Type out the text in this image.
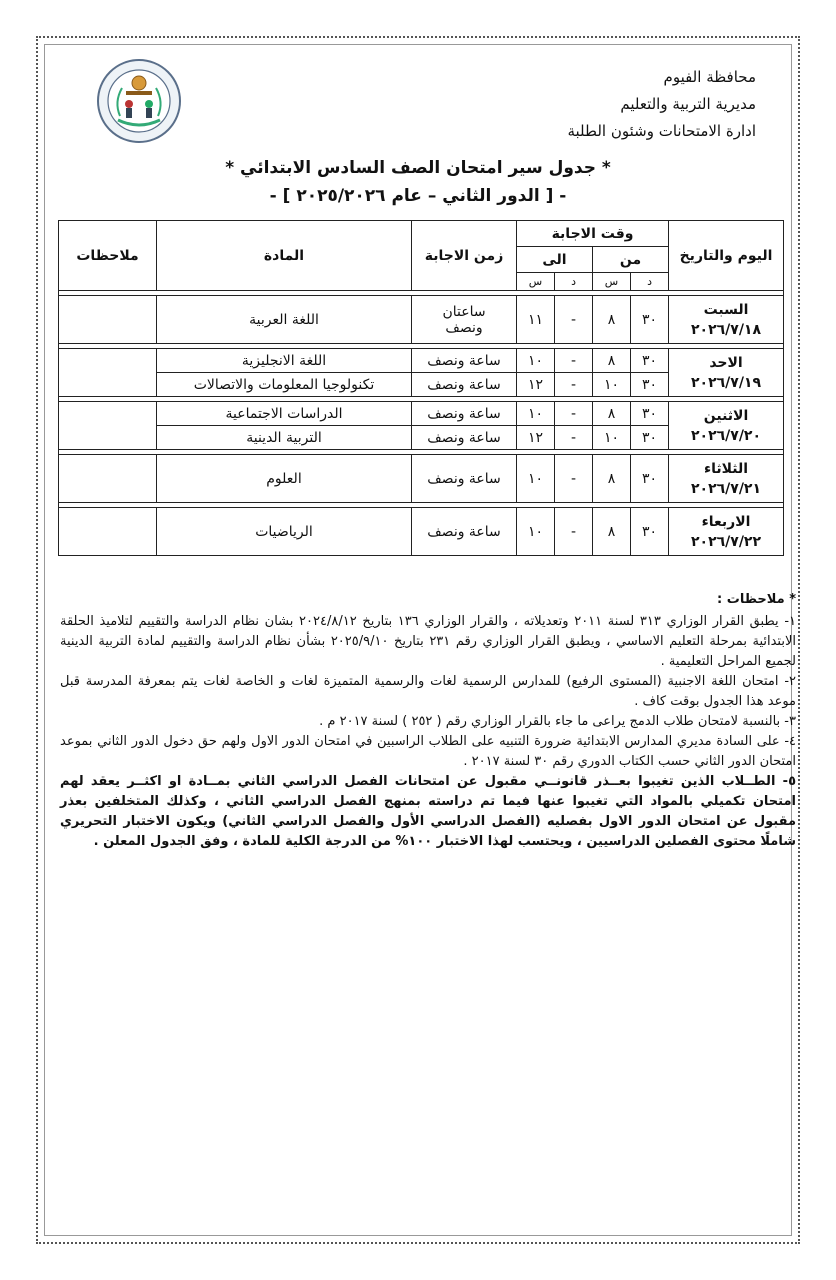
محافظة الفيوم
مديرية التربية والتعليم
ادارة الامتحانات وشئون الطلبة
* جدول سير امتحان الصف السادس الابتدائي *
- [ الدور الثاني – عام ٢٠٢٥/٢٠٢٦ ] -
اليوم والتاريخ	وقت الاجابة				زمن الاجابة	المادة	ملاحظات
	من		الى				
	د	س	د	س			

السبت
٢٠٢٦/٧/١٨	٣٠	٨	-	١١	ساعتان ونصف	اللغة العربية	

الاحد
٢٠٢٦/٧/١٩	٣٠	٨	-	١٠	ساعة ونصف	اللغة الانجليزية	
	٣٠	١٠	-	١٢	ساعة ونصف	تكنولوجيا المعلومات والاتصالات	

الاثنين
٢٠٢٦/٧/٢٠	٣٠	٨	-	١٠	ساعة ونصف	الدراسات الاجتماعية	
	٣٠	١٠	-	١٢	ساعة ونصف	التربية الدينية	

الثلاثاء
٢٠٢٦/٧/٢١	٣٠	٨	-	١٠	ساعة ونصف	العلوم	

الاربعاء
٢٠٢٦/٧/٢٢	٣٠	٨	-	١٠	ساعة ونصف	الرياضيات	

* ملاحظات :

١- يطبق القرار الوزاري ٣١٣ لسنة ٢٠١١ وتعديلاته ، والقرار الوزاري ١٣٦ بتاريخ ٢٠٢٤/٨/١٢ بشان نظام الدراسة والتقييم لتلاميذ الحلقة الابتدائية بمرحلة التعليم الاساسي ، ويطبق القرار الوزاري رقم ٢٣١ بتاريخ ٢٠٢٥/٩/١٠ بشأن نظام الدراسة والتقييم لمادة التربية الدينية لجميع المراحل التعليمية .

٢- امتحان اللغة الاجنبية (المستوى الرفيع) للمدارس الرسمية لغات والرسمية المتميزة لغات و الخاصة لغات يتم بمعرفة المدرسة قبل موعد هذا الجدول بوقت كاف .

٣- بالنسبة لامتحان طلاب الدمج يراعى ما جاء بالقرار الوزاري رقم ( ٢٥٢ ) لسنة ٢٠١٧ م .

٤- على السادة مديري المدارس الابتدائية ضرورة التنبيه على الطلاب الراسبين في امتحان الدور الاول ولهم حق دخول الدور الثاني بموعد امتحان الدور الثاني حسب الكتاب الدوري رقم ٣٠ لسنة ٢٠١٧ .

٥- الطــلاب الذين تغيبوا بعــذر قانونــي مقبول عن امتحانات الفصل الدراسي الثاني بمــادة او اكثــر يعقد لهم امتحان تكميلي بالمواد التي تغيبوا عنها فيما تم دراسته بمنهج الفصل الدراسي الثاني ، وكذلك المتخلفين بعذر مقبول عن امتحان الدور الاول بفصليه (الفصل الدراسي الأول والفصل الدراسي الثاني) ويكون الاختبار التحريري شاملًا محتوى الفصلين الدراسيين ، ويحتسب لهذا الاختبار ١٠٠% من الدرجة الكلية للمادة ، وفق الجدول المعلن .
